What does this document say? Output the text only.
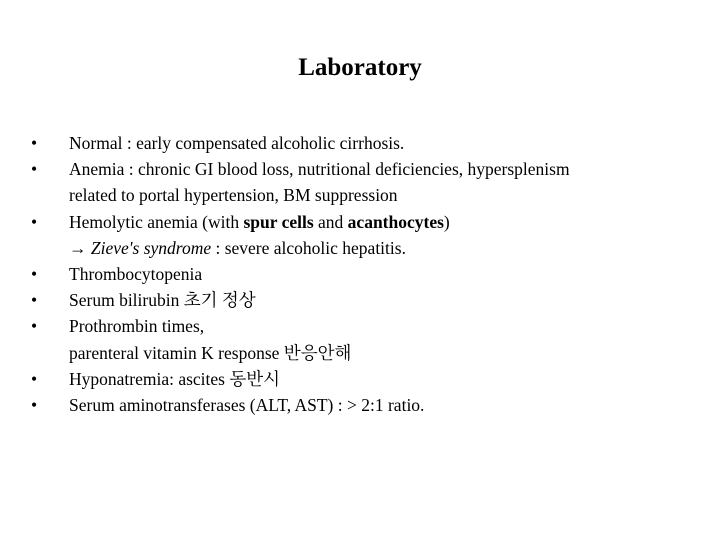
Laboratory
•	Normal : early compensated alcoholic cirrhosis.
•	Anemia : chronic GI blood loss, nutritional deficiencies, hypersplenism
related to portal hypertension, BM suppression
•	Hemolytic anemia (with spur cells and acanthocytes)
→ Zieve's syndrome : severe alcoholic hepatitis.
•	Thrombocytopenia
•	Serum bilirubin 초기 정상
•	Prothrombin times,
parenteral vitamin K response 반응안해
•	Hyponatremia: ascites 동반시
•	Serum aminotransferases (ALT, AST) : > 2:1 ratio.
